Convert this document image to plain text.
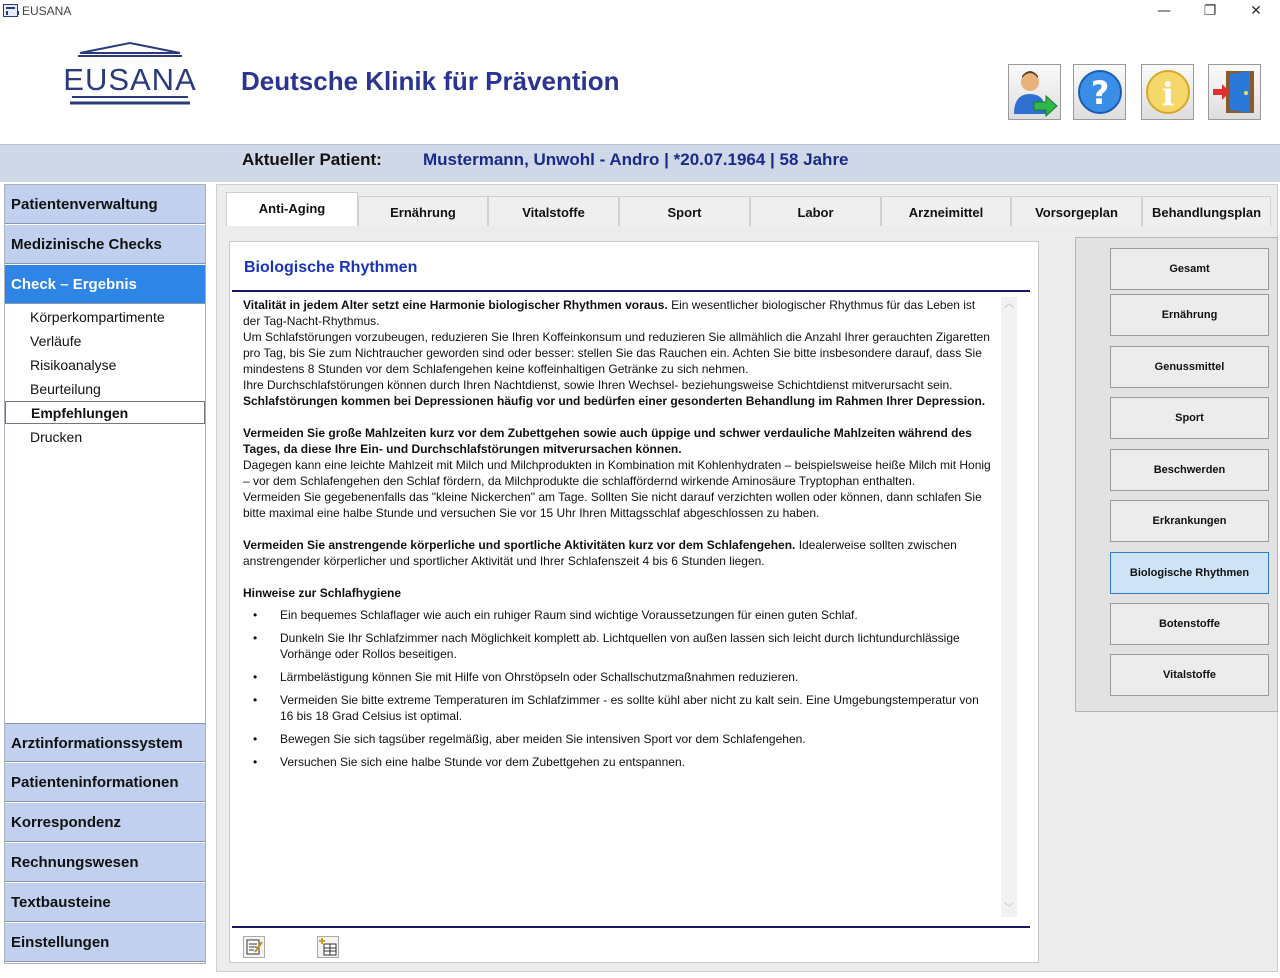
EUSANA	—	❐	✕
EUSANA Deutsche Klinik für Prävention	? i
Aktueller Patient: Mustermann, Unwohl - Andro | *20.07.1964 | 58 Jahre
Patientenverwaltung
Medizinische Checks
Check – Ergebnis
Körperkompartimente
Verläufe
Risikoanalyse
Beurteilung
Empfehlungen
Drucken
Arztinformationssystem
Patienteninformationen
Korrespondenz
Rechnungswesen
Textbausteine
Einstellungen
Anti-Aging	Ernährung	Vitalstoffe	Sport	Labor	Arzneimittel	Vorsorgeplan	Behandlungsplan
Biologische Rhythmen

Vitalität in jedem Alter setzt eine Harmonie biologischer Rhythmen voraus. Ein wesentlicher biologischer Rhythmus für das Leben ist der Tag-Nacht-Rhythmus.

Um Schlafstörungen vorzubeugen, reduzieren Sie Ihren Koffeinkonsum und reduzieren Sie allmählich die Anzahl Ihrer gerauchten Zigaretten pro Tag, bis Sie zum Nichtraucher geworden sind oder besser: stellen Sie das Rauchen ein. Achten Sie bitte insbesondere darauf, dass Sie mindestens 8 Stunden vor dem Schlafengehen keine koffeinhaltigen Getränke zu sich nehmen.

Ihre Durchschlafstörungen können durch Ihren Nachtdienst, sowie Ihren Wechsel- beziehungsweise Schichtdienst mitverursacht sein.

Schlafstörungen kommen bei Depressionen häufig vor und bedürfen einer gesonderten Behandlung im Rahmen Ihrer Depression.

Vermeiden Sie große Mahlzeiten kurz vor dem Zubettgehen sowie auch üppige und schwer verdauliche Mahlzeiten während des Tages, da diese Ihre Ein- und Durchschlafstörungen mitverursachen können.

Dagegen kann eine leichte Mahlzeit mit Milch und Milchprodukten in Kombination mit Kohlenhydraten – beispielsweise heiße Milch mit Honig – vor dem Schlafengehen den Schlaf fördern, da Milchprodukte die schlaffördernd wirkende Aminosäure Tryptophan enthalten.

Vermeiden Sie gegebenenfalls das "kleine Nickerchen" am Tage. Sollten Sie nicht darauf verzichten wollen oder können, dann schlafen Sie bitte maximal eine halbe Stunde und versuchen Sie vor 15 Uhr Ihren Mittagsschlaf abgeschlossen zu haben.

Vermeiden Sie anstrengende körperliche und sportliche Aktivitäten kurz vor dem Schlafengehen. Idealerweise sollten zwischen anstrengender körperlicher und sportlicher Aktivität und Ihrer Schlafenszeit 4 bis 6 Stunden liegen.

Hinweise zur Schlafhygiene

• Ein bequemes Schlaflager wie auch ein ruhiger Raum sind wichtige Voraussetzungen für einen guten Schlaf.
• Dunkeln Sie Ihr Schlafzimmer nach Möglichkeit komplett ab. Lichtquellen von außen lassen sich leicht durch lichtundurchlässige Vorhänge oder Rollos beseitigen.
• Lärmbelästigung können Sie mit Hilfe von Ohrstöpseln oder Schallschutzmaßnahmen reduzieren.
• Vermeiden Sie bitte extreme Temperaturen im Schlafzimmer - es sollte kühl aber nicht zu kalt sein. Eine Umgebungstemperatur von 16 bis 18 Grad Celsius ist optimal.
• Bewegen Sie sich tagsüber regelmäßig, aber meiden Sie intensiven Sport vor dem Schlafengehen.
• Versuchen Sie sich eine halbe Stunde vor dem Zubettgehen zu entspannen.
︿
﹀
Gesamt
Ernährung
Genussmittel
Sport
Beschwerden
Erkrankungen
Biologische Rhythmen
Botenstoffe
Vitalstoffe
